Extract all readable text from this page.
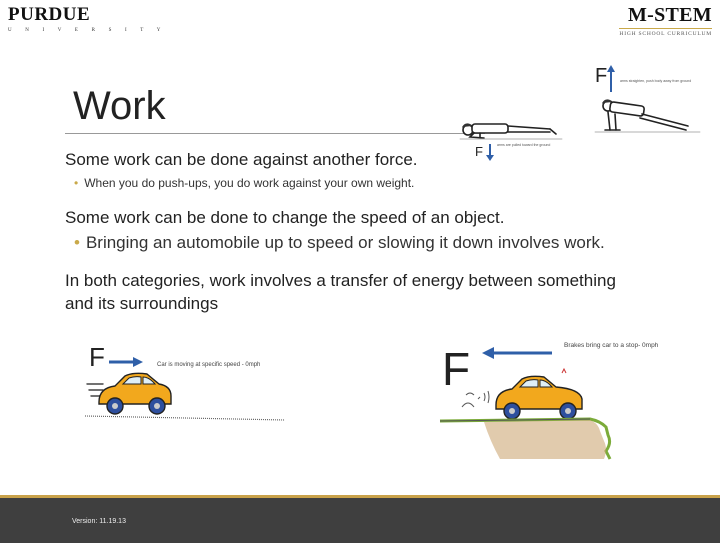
PURDUE
U N I V E R S I T Y
M-STEM
HIGH SCHOOL CURRICULUM
Work
Some work can be done against another force.
• When you do push-ups, you do work against your own weight.
Some work can be done to change the speed of an object.
• Bringing an automobile up to speed or slowing it down involves work.
In both categories, work involves a transfer of energy between something and its surroundings
F	arms are pulled toward the ground
F	arms straighten, push body away from ground
F	Car is moving at specific speed - 0mph	F	Brakes bring car to a stop- 0mph
Version: 11.19.13
